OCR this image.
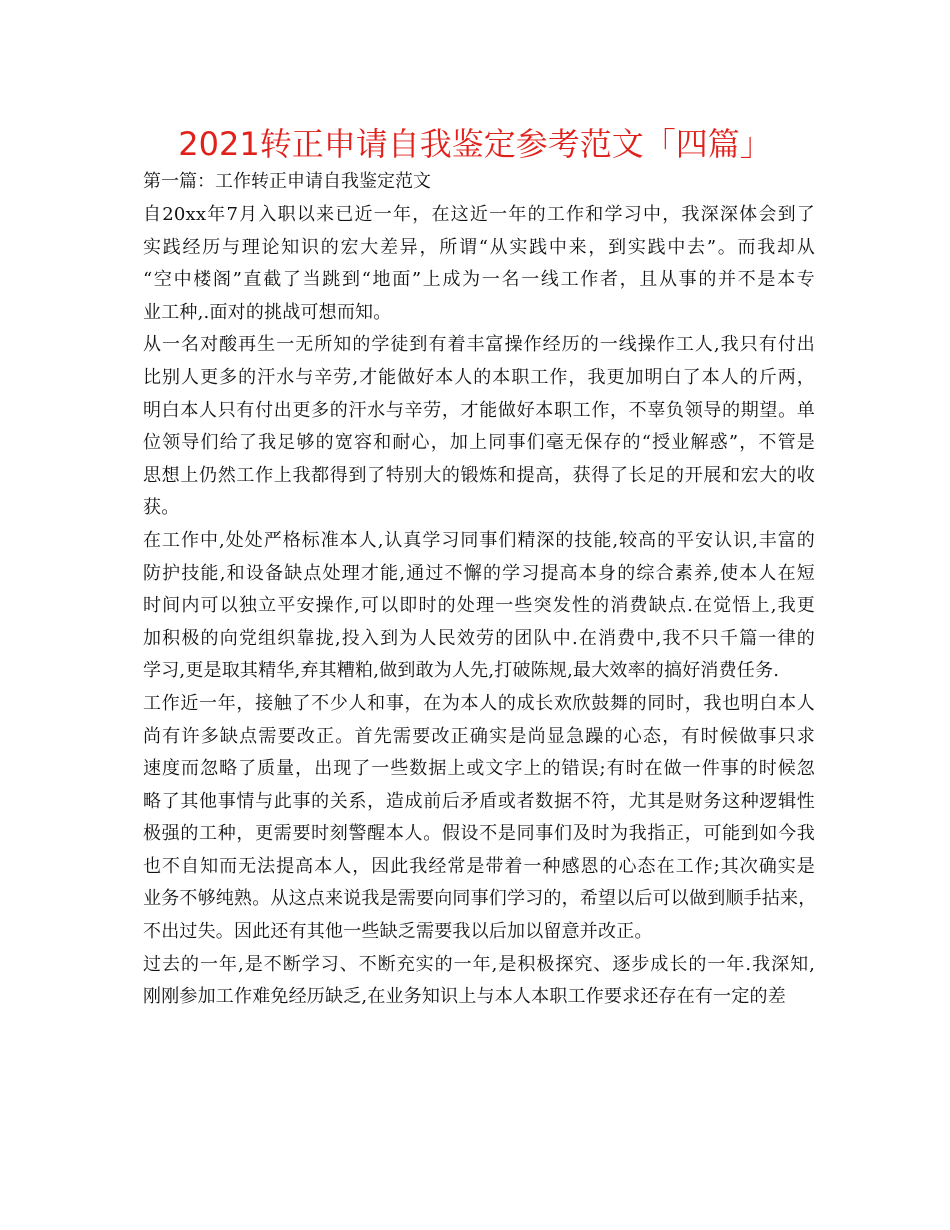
2021转正申请自我鉴定参考范文「四篇」
第一篇：工作转正申请自我鉴定范文
自20xx年7月入职以来已近一年，在这近一年的工作和学习中，我深深体会到了
实践经历与理论知识的宏大差异，所谓“从实践中来，到实践中去”。而我却从
“空中楼阁”直截了当跳到“地面”上成为一名一线工作者，且从事的并不是本专
业工种,.面对的挑战可想而知。
从一名对酸再生一无所知的学徒到有着丰富操作经历的一线操作工人,我只有付出
比别人更多的汗水与辛劳,才能做好本人的本职工作，我更加明白了本人的斤两，
明白本人只有付出更多的汗水与辛劳，才能做好本职工作，不辜负领导的期望。单
位领导们给了我足够的宽容和耐心，加上同事们毫无保存的“授业解惑”，不管是
思想上仍然工作上我都得到了特别大的锻炼和提高，获得了长足的开展和宏大的收
获。
在工作中,处处严格标准本人,认真学习同事们精深的技能,较高的平安认识,丰富的
防护技能,和设备缺点处理才能,通过不懈的学习提高本身的综合素养,使本人在短
时间内可以独立平安操作,可以即时的处理一些突发性的消费缺点.在觉悟上,我更
加积极的向党组织靠拢,投入到为人民效劳的团队中.在消费中,我不只千篇一律的
学习,更是取其精华,弃其糟粕,做到敢为人先,打破陈规,最大效率的搞好消费任务.
工作近一年，接触了不少人和事，在为本人的成长欢欣鼓舞的同时，我也明白本人
尚有许多缺点需要改正。首先需要改正确实是尚显急躁的心态，有时候做事只求
速度而忽略了质量，出现了一些数据上或文字上的错误;有时在做一件事的时候忽
略了其他事情与此事的关系，造成前后矛盾或者数据不符，尤其是财务这种逻辑性
极强的工种，更需要时刻警醒本人。假设不是同事们及时为我指正，可能到如今我
也不自知而无法提高本人，因此我经常是带着一种感恩的心态在工作;其次确实是
业务不够纯熟。从这点来说我是需要向同事们学习的，希望以后可以做到顺手拈来，
不出过失。因此还有其他一些缺乏需要我以后加以留意并改正。
过去的一年,是不断学习、不断充实的一年,是积极探究、逐步成长的一年.我深知,
刚刚参加工作难免经历缺乏,在业务知识上与本人本职工作要求还存在有一定的差
